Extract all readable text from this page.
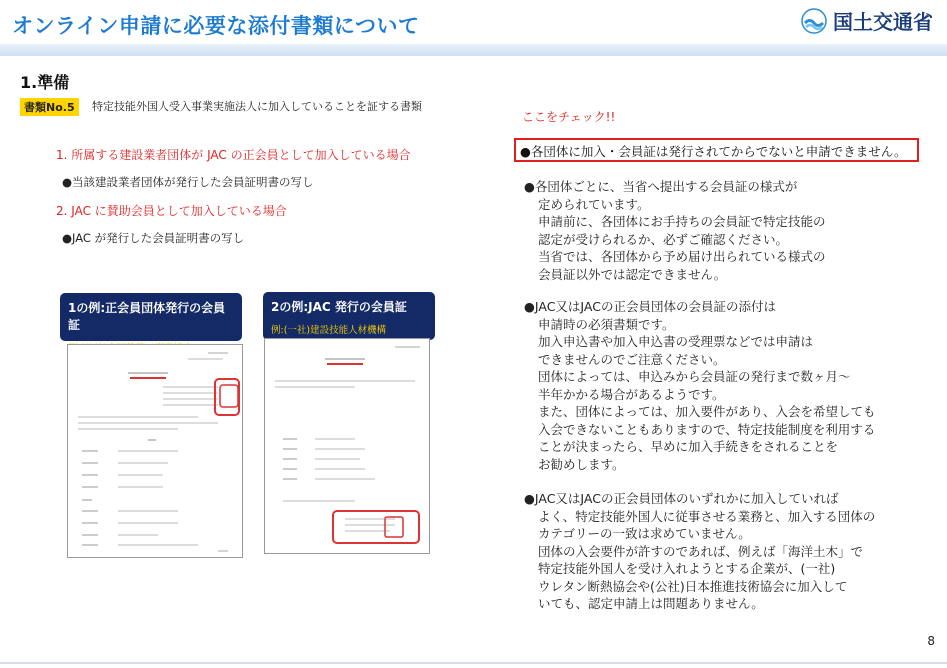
オンライン申請に必要な添付書類について	国土交通省
1.準備
書類No.5	特定技能外国人受入事業実施法人に加入していることを証する書類
1. 所属する建設業者団体が JAC の正会員として加入している場合
●当該建設業者団体が発行した会員証明書の写し
2. JAC に賛助会員として加入している場合
●JAC が発行した会員証明書の写し
1の例:正会員団体発行の会員証
2の例:JAC 発行の会員証
例:(一社)建設技能人材機構
ここをチェック!!
●各団体に加入・会員証は発行されてからでないと申請できません。
●各団体ごとに、当省へ提出する会員証の様式が
定められています。
申請前に、各団体にお手持ちの会員証で特定技能の
認定が受けられるか、必ずご確認ください。
当省では、各団体から予め届け出られている様式の
会員証以外では認定できません。
●JAC又はJACの正会員団体の会員証の添付は
申請時の必須書類です。
加入申込書や加入申込書の受理票などでは申請は
できませんのでご注意ください。
団体によっては、申込みから会員証の発行まで数ヶ月〜
半年かかる場合があるようです。
また、団体によっては、加入要件があり、入会を希望しても
入会できないこともありますので、特定技能制度を利用する
ことが決まったら、早めに加入手続きをされることを
お勧めします。
●JAC又はJACの正会員団体のいずれかに加入していれば
よく、特定技能外国人に従事させる業務と、加入する団体の
カテゴリーの一致は求めていません。
団体の入会要件が許すのであれば、例えば「海洋土木」で
特定技能外国人を受け入れようとする企業が、(一社)
ウレタン断熱協会や(公社)日本推進技術協会に加入して
いても、認定申請上は問題ありません。
8
